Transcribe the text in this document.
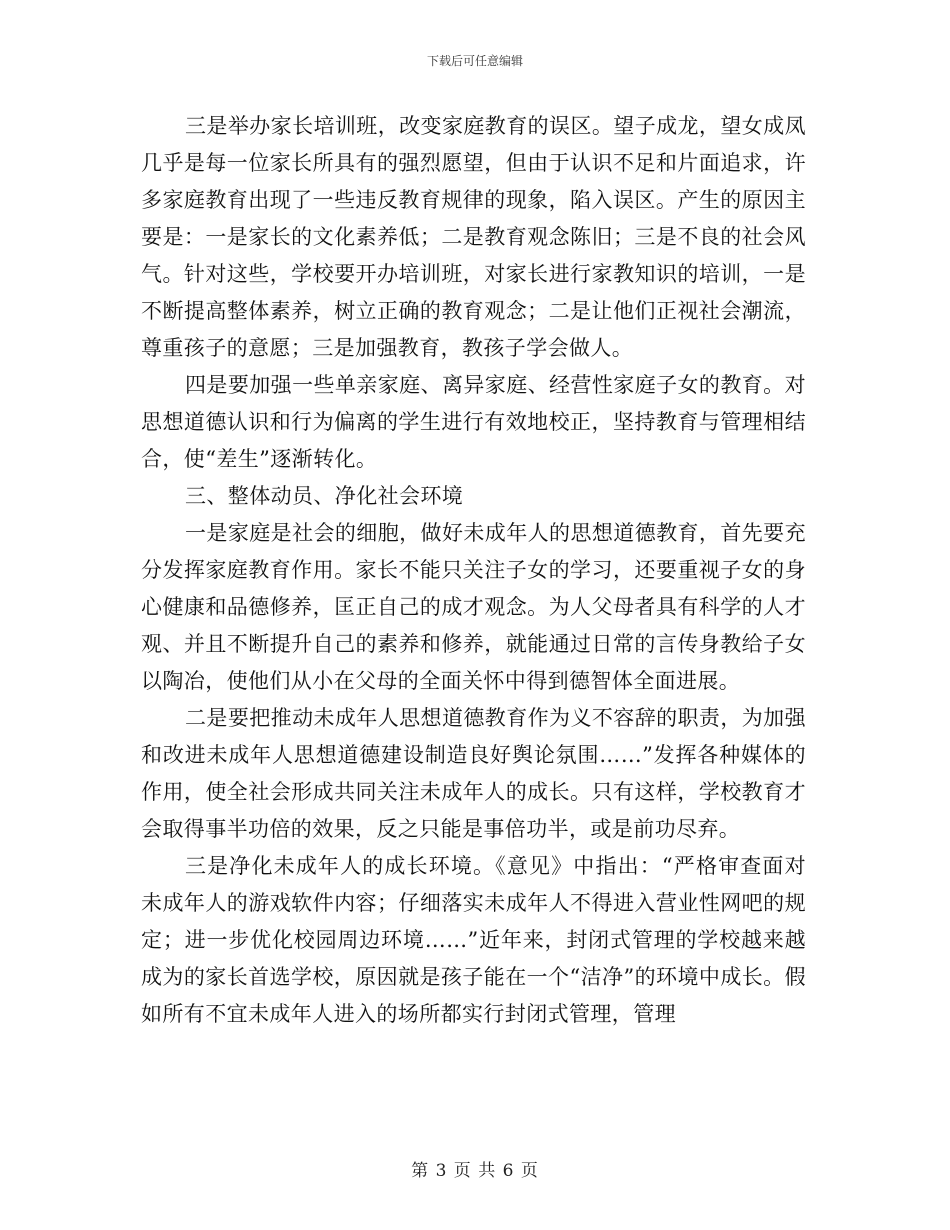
下载后可任意编辑

三是举办家长培训班，改变家庭教育的误区。望子成龙，望女成凤几乎是每一位家长所具有的强烈愿望，但由于认识不足和片面追求，许多家庭教育出现了一些违反教育规律的现象，陷入误区。产生的原因主要是：一是家长的文化素养低；二是教育观念陈旧；三是不良的社会风气。针对这些，学校要开办培训班，对家长进行家教知识的培训，一是不断提高整体素养，树立正确的教育观念；二是让他们正视社会潮流，尊重孩子的意愿；三是加强教育，教孩子学会做人。

四是要加强一些单亲家庭、离异家庭、经营性家庭子女的教育。对思想道德认识和行为偏离的学生进行有效地校正，坚持教育与管理相结合，使“差生”逐渐转化。

三、整体动员、净化社会环境

一是家庭是社会的细胞，做好未成年人的思想道德教育，首先要充分发挥家庭教育作用。家长不能只关注子女的学习，还要重视子女的身心健康和品德修养，匡正自己的成才观念。为人父母者具有科学的人才观、并且不断提升自己的素养和修养，就能通过日常的言传身教给子女以陶冶，使他们从小在父母的全面关怀中得到德智体全面进展。

二是要把推动未成年人思想道德教育作为义不容辞的职责，为加强和改进未成年人思想道德建设制造良好舆论氛围……”发挥各种媒体的作用，使全社会形成共同关注未成年人的成长。只有这样，学校教育才会取得事半功倍的效果，反之只能是事倍功半，或是前功尽弃。

三是净化未成年人的成长环境。《意见》中指出：“严格审查面对未成年人的游戏软件内容；仔细落实未成年人不得进入营业性网吧的规定；进一步优化校园周边环境……”近年来，封闭式管理的学校越来越成为的家长首选学校，原因就是孩子能在一个“洁净”的环境中成长。假如所有不宜未成年人进入的场所都实行封闭式管理，管理

第 3 页 共 6 页
